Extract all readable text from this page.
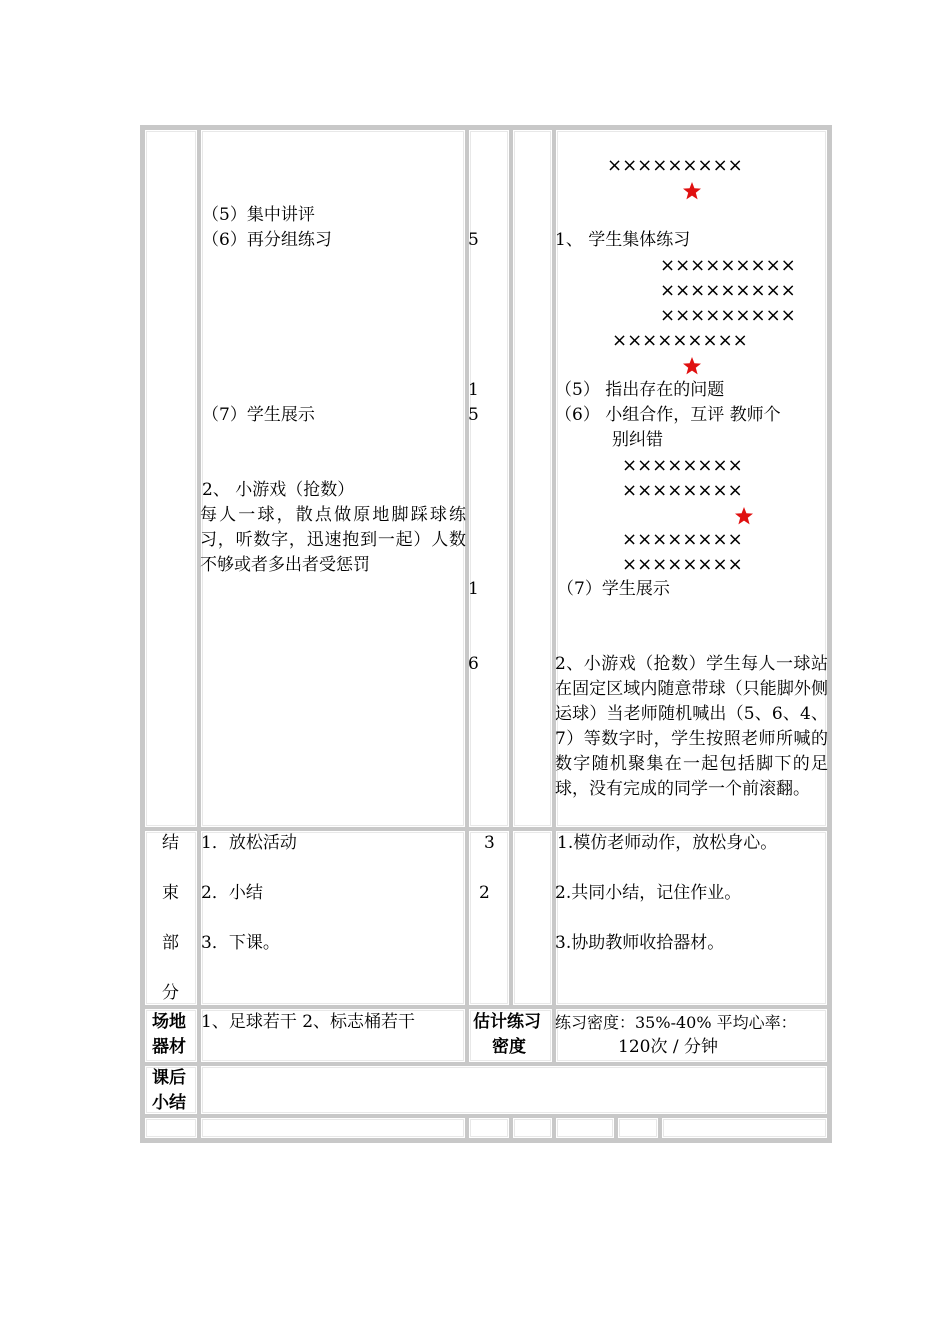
（5）集中讲评
（6）再分组练习
（7）学生展示
2、 小游戏（抢数）
每人一球，散点做原地脚踩球练习，听数字，迅速抱到一起）人数不够或者多出者受惩罚
5
1
5
1
6
×××××××××
1、 学生集体练习
×××××××××
×××××××××
×××××××××
×××××××××
（5） 指出存在的问题
（6） 小组合作，互评 教师个
别纠错
××××××××
××××××××
××××××××
××××××××
（7）学生展示
2、小游戏（抢数）学生每人一球站在固定区域内随意带球（只能脚外侧运球）当老师随机喊出（5、6、4、7）等数字时，学生按照老师所喊的数字随机聚集在一起包括脚下的足球，没有完成的同学一个前滚翻。
结
束
部
分
1．放松活动
2．小结
3．下课。
3
2
1.模仿老师动作，放松身心。
2.共同小结，记住作业。
3.协助教师收拾器材。
场地
器材
1、足球若干 2、标志桶若干	估计练习
密度
练习密度：35%-40% 平均心率：
120次 / 分钟
课后
小结
